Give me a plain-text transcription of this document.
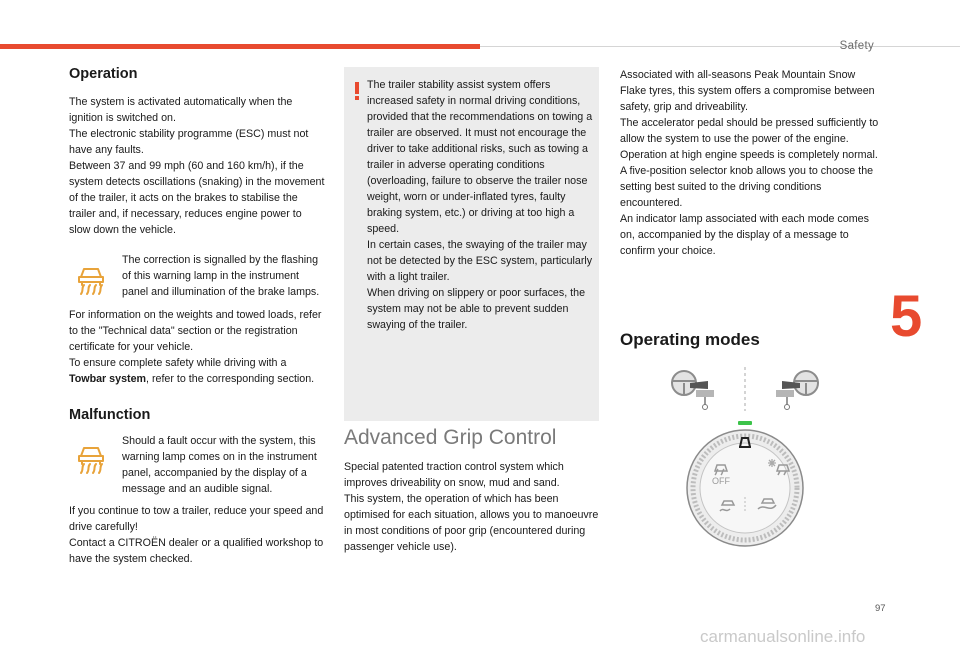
Safety
5
Operation

The system is activated automatically when the ignition is switched on.

The electronic stability programme (ESC) must not have any faults.

Between 37 and 99 mph (60 and 160 km/h), if the system detects oscillations (snaking) in the movement of the trailer, it acts on the brakes to stabilise the trailer and, if necessary, reduces engine power to slow down the vehicle.

The correction is signalled by the flashing of this warning lamp in the instrument panel and illumination of the brake lamps.

For information on the weights and towed loads, refer to the "Technical data" section or the registration certificate for your vehicle.

To ensure complete safety while driving with a Towbar system, refer to the corresponding section.

Malfunction

Should a fault occur with the system, this warning lamp comes on in the instrument panel, accompanied by the display of a message and an audible signal.

If you continue to tow a trailer, reduce your speed and drive carefully!

Contact a CITROËN dealer or a qualified workshop to have the system checked.

The trailer stability assist system offers increased safety in normal driving conditions, provided that the recommendations on towing a trailer are observed. It must not encourage the driver to take additional risks, such as towing a trailer in adverse operating conditions (overloading, failure to observe the trailer nose weight, worn or under-inflated tyres, faulty braking system, etc.) or driving at too high a speed.

In certain cases, the swaying of the trailer may not be detected by the ESC system, particularly with a light trailer.

When driving on slippery or poor surfaces, the system may not be able to prevent sudden swaying of the trailer.

Advanced Grip Control

Special patented traction control system which improves driveability on snow, mud and sand.

This system, the operation of which has been optimised for each situation, allows you to manoeuvre in most conditions of poor grip (encountered during passenger vehicle use).

Associated with all-seasons Peak Mountain Snow Flake tyres, this system offers a compromise between safety, grip and driveability.

The accelerator pedal should be pressed sufficiently to allow the system to use the power of the engine. Operation at high engine speeds is completely normal.

A five-position selector knob allows you to choose the setting best suited to the driving conditions encountered.

An indicator lamp associated with each mode comes on, accompanied by the display of a message to confirm your choice.

Operating modes
OFF
97
carmanualsonline.info
